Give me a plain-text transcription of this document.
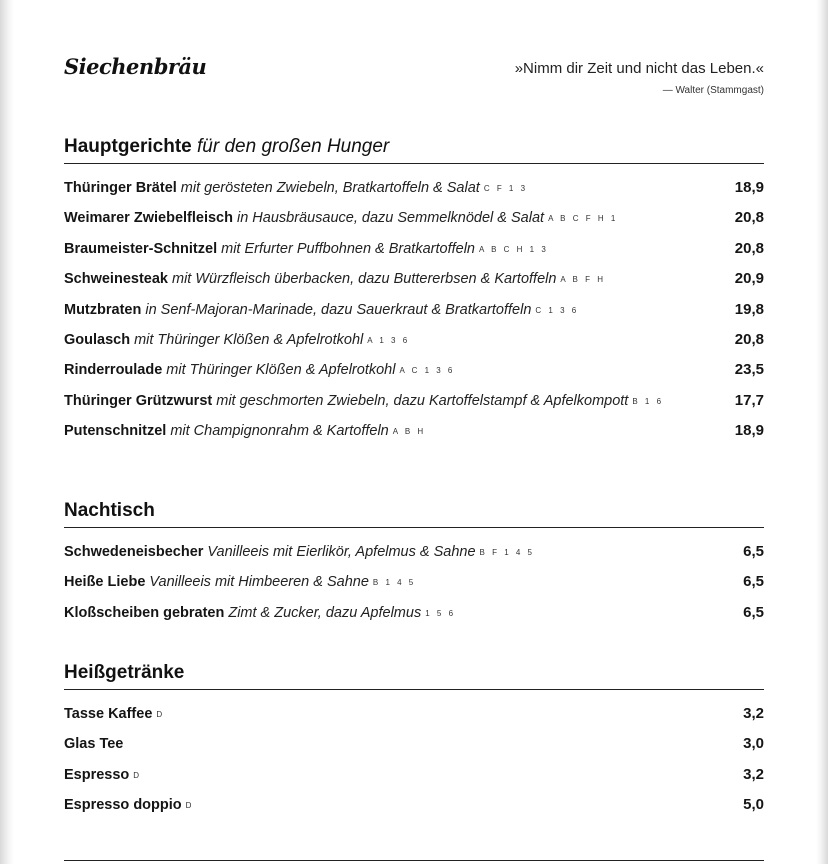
Siechenbräu	»Nimm dir Zeit und nicht das Leben.«
— Walter (Stammgast)
Hauptgerichte für den großen Hunger
Thüringer Brätel mit gerösteten Zwiebeln, Bratkartoffeln & Salat C F 1 3	18,9
Weimarer Zwiebelfleisch in Hausbräusauce, dazu Semmelknödel & Salat A B C F H 1	20,8
Braumeister-Schnitzel mit Erfurter Puffbohnen & Bratkartoffeln A B C H 1 3	20,8
Schweinesteak mit Würzfleisch überbacken, dazu Buttererbsen & Kartoffeln A B F H	20,9
Mutzbraten in Senf-Majoran-Marinade, dazu Sauerkraut & Bratkartoffeln C 1 3 6	19,8
Goulasch mit Thüringer Klößen & Apfelrotkohl A 1 3 6	20,8
Rinderroulade mit Thüringer Klößen & Apfelrotkohl A C 1 3 6	23,5
Thüringer Grützwurst mit geschmorten Zwiebeln, dazu Kartoffelstampf & Apfelkompott B 1 6	17,7
Putenschnitzel mit Champignonrahm & Kartoffeln A B H	18,9
Nachtisch
Schwedeneisbecher Vanilleeis mit Eierlikör, Apfelmus & Sahne B F 1 4 5	6,5
Heiße Liebe Vanilleeis mit Himbeeren & Sahne B 1 4 5	6,5
Kloßscheiben gebraten Zimt & Zucker, dazu Apfelmus 1 5 6	6,5
Heißgetränke
Tasse Kaffee D	3,2
Glas Tee	3,0
Espresso D	3,2
Espresso doppio D	5,0
